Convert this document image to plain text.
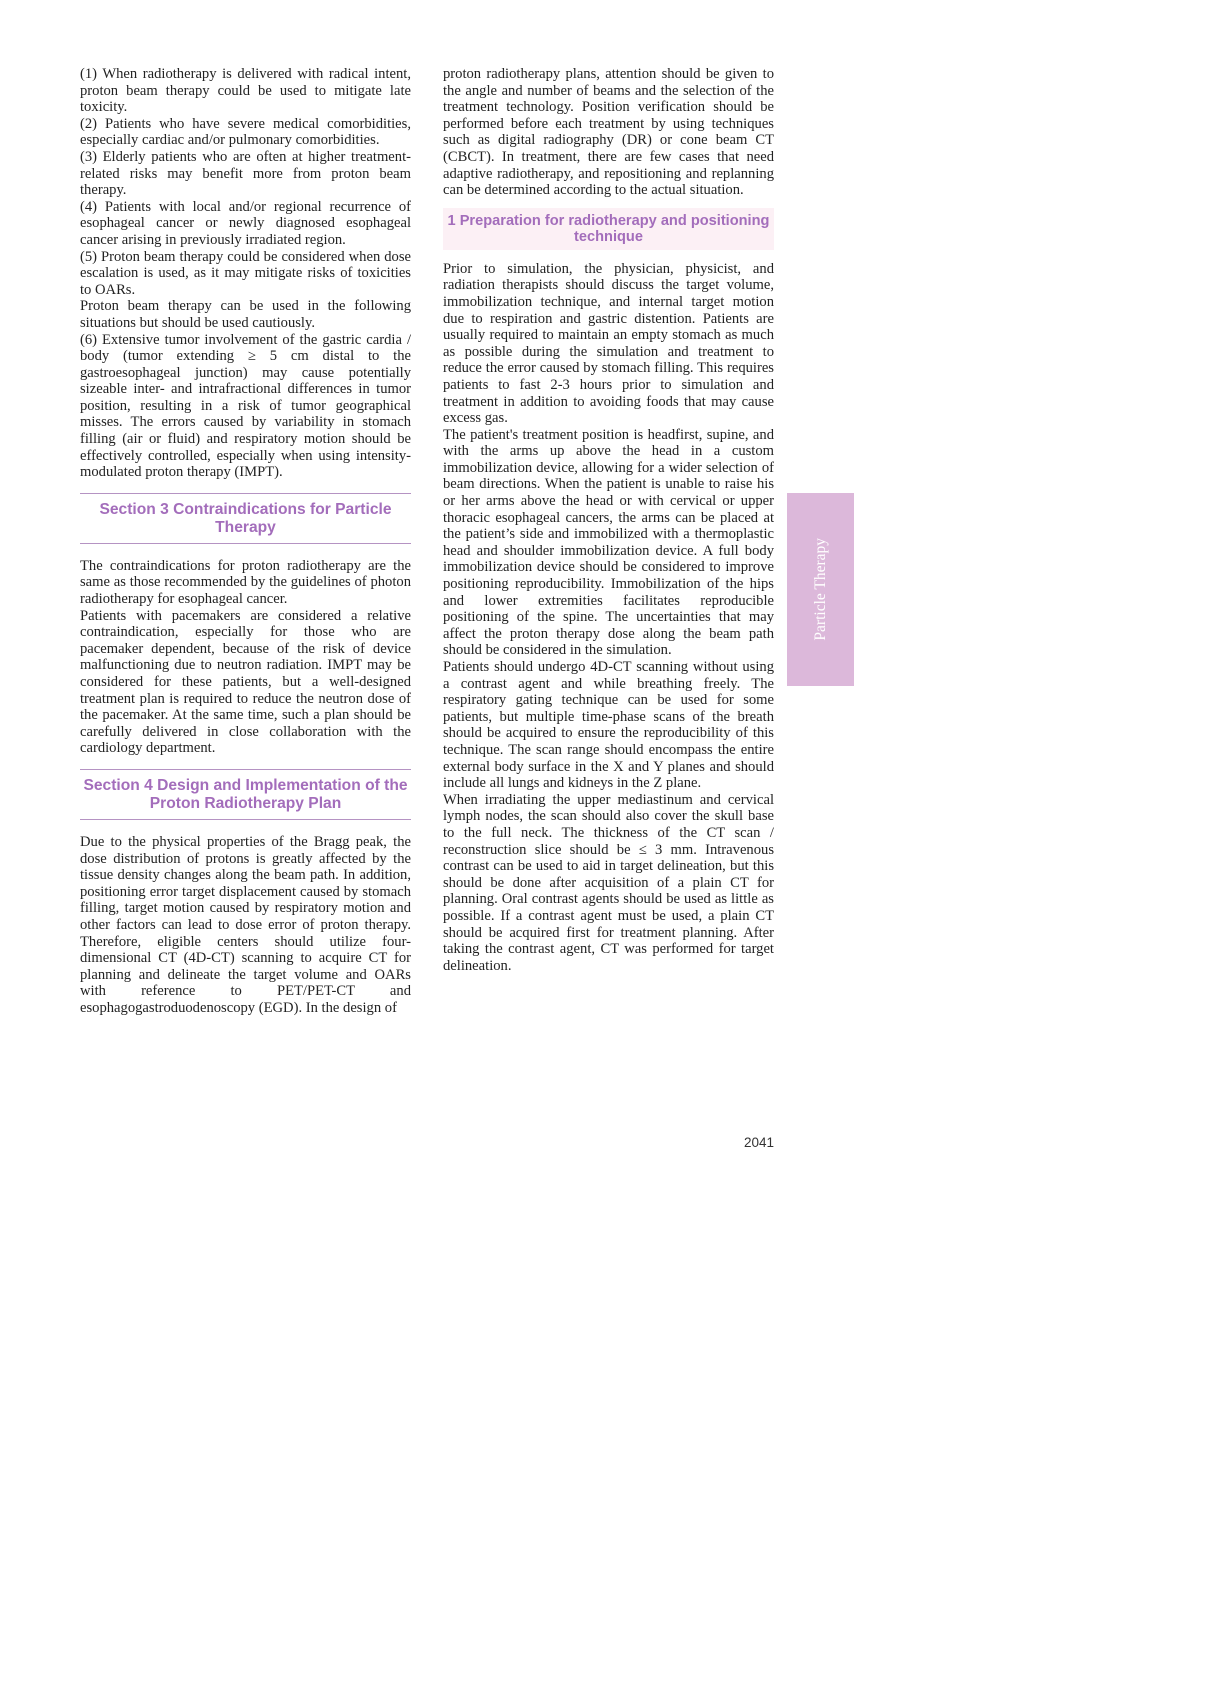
(1) When radiotherapy is delivered with radical intent, proton beam therapy could be used to mitigate late toxicity.

(2) Patients who have severe medical comorbidities, especially cardiac and/or pulmonary comorbidities.

(3) Elderly patients who are often at higher treatment-related risks may benefit more from proton beam therapy.

(4) Patients with local and/or regional recurrence of esophageal cancer or newly diagnosed esophageal cancer arising in previously irradiated region.

(5) Proton beam therapy could be considered when dose escalation is used, as it may mitigate risks of toxicities to OARs.

Proton beam therapy can be used in the following situations but should be used cautiously.

(6) Extensive tumor involvement of the gastric cardia / body (tumor extending ≥ 5 cm distal to the gastroesophageal junction) may cause potentially sizeable inter- and intrafractional differences in tumor position, resulting in a risk of tumor geographical misses. The errors caused by variability in stomach filling (air or fluid) and respiratory motion should be effectively controlled, especially when using intensity-modulated proton therapy (IMPT).

Section 3 Contraindications for Particle Therapy

The contraindications for proton radiotherapy are the same as those recommended by the guidelines of photon radiotherapy for esophageal cancer.

Patients with pacemakers are considered a relative contraindication, especially for those who are pacemaker dependent, because of the risk of device malfunctioning due to neutron radiation. IMPT may be considered for these patients, but a well-designed treatment plan is required to reduce the neutron dose of the pacemaker. At the same time, such a plan should be carefully delivered in close collaboration with the cardiology department.

Section 4 Design and Implementation of the Proton Radiotherapy Plan

Due to the physical properties of the Bragg peak, the dose distribution of protons is greatly affected by the tissue density changes along the beam path. In addition, positioning error target displacement caused by stomach filling, target motion caused by respiratory motion and other factors can lead to dose error of proton therapy. Therefore, eligible centers should utilize four-dimensional CT (4D-CT) scanning to acquire CT for planning and delineate the target volume and OARs with reference to PET/PET-CT and esophagogastroduodenoscopy (EGD). In the design of

proton radiotherapy plans, attention should be given to the angle and number of beams and the selection of the treatment technology. Position verification should be performed before each treatment by using techniques such as digital radiography (DR) or cone beam CT (CBCT). In treatment, there are few cases that need adaptive radiotherapy, and repositioning and replanning can be determined according to the actual situation.

1 Preparation for radiotherapy and positioning technique

Prior to simulation, the physician, physicist, and radiation therapists should discuss the target volume, immobilization technique, and internal target motion due to respiration and gastric distention. Patients are usually required to maintain an empty stomach as much as possible during the simulation and treatment to reduce the error caused by stomach filling. This requires patients to fast 2-3 hours prior to simulation and treatment in addition to avoiding foods that may cause excess gas.

The patient's treatment position is headfirst, supine, and with the arms up above the head in a custom immobilization device, allowing for a wider selection of beam directions. When the patient is unable to raise his or her arms above the head or with cervical or upper thoracic esophageal cancers, the arms can be placed at the patient’s side and immobilized with a thermoplastic head and shoulder immobilization device. A full body immobilization device should be considered to improve positioning reproducibility. Immobilization of the hips and lower extremities facilitates reproducible positioning of the spine. The uncertainties that may affect the proton therapy dose along the beam path should be considered in the simulation.

Patients should undergo 4D-CT scanning without using a contrast agent and while breathing freely. The respiratory gating technique can be used for some patients, but multiple time-phase scans of the breath should be acquired to ensure the reproducibility of this technique. The scan range should encompass the entire external body surface in the X and Y planes and should include all lungs and kidneys in the Z plane.

When irradiating the upper mediastinum and cervical lymph nodes, the scan should also cover the skull base to the full neck. The thickness of the CT scan / reconstruction slice should be ≤ 3 mm. Intravenous contrast can be used to aid in target delineation, but this should be done after acquisition of a plain CT for planning. Oral contrast agents should be used as little as possible. If a contrast agent must be used, a plain CT should be acquired first for treatment planning. After taking the contrast agent, CT was performed for target delineation.

Particle Therapy
2041
